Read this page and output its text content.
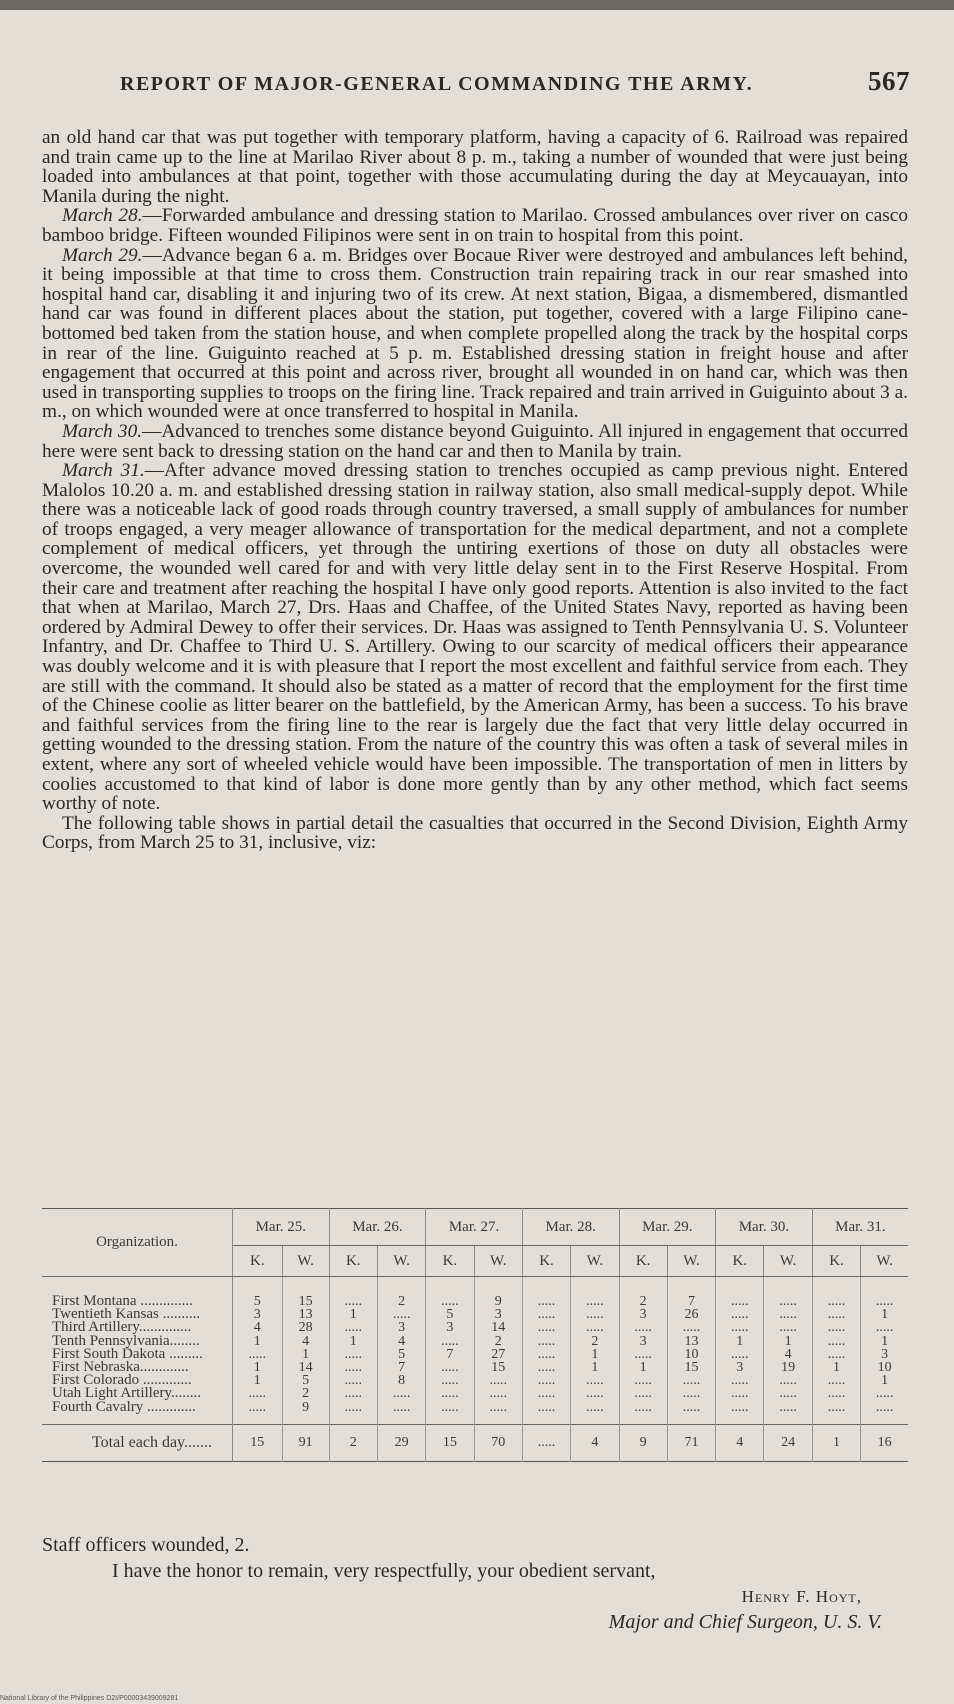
REPORT OF MAJOR-GENERAL COMMANDING THE ARMY.	567

an old hand car that was put together with temporary platform, having a capacity of 6. Railroad was repaired and train came up to the line at Marilao River about 8 p. m., taking a number of wounded that were just being loaded into ambulances at that point, together with those accumulating during the day at Meycauayan, into Manila during the night.

March 28.—Forwarded ambulance and dressing station to Marilao. Crossed ambulances over river on casco bamboo bridge. Fifteen wounded Filipinos were sent in on train to hospital from this point.

March 29.—Advance began 6 a. m. Bridges over Bocaue River were destroyed and ambulances left behind, it being impossible at that time to cross them. Construction train repairing track in our rear smashed into hospital hand car, disabling it and injuring two of its crew. At next station, Bigaa, a dismembered, dismantled hand car was found in different places about the station, put together, covered with a large Filipino cane-bottomed bed taken from the station house, and when complete propelled along the track by the hospital corps in rear of the line. Guiguinto reached at 5 p. m. Established dressing station in freight house and after engagement that occurred at this point and across river, brought all wounded in on hand car, which was then used in transporting supplies to troops on the firing line. Track repaired and train arrived in Guiguinto about 3 a. m., on which wounded were at once transferred to hospital in Manila.

March 30.—Advanced to trenches some distance beyond Guiguinto. All injured in engagement that occurred here were sent back to dressing station on the hand car and then to Manila by train.

March 31.—After advance moved dressing station to trenches occupied as camp previous night. Entered Malolos 10.20 a. m. and established dressing station in railway station, also small medical-supply depot. While there was a noticeable lack of good roads through country traversed, a small supply of ambulances for number of troops engaged, a very meager allowance of transportation for the medical department, and not a complete complement of medical officers, yet through the untiring exertions of those on duty all obstacles were overcome, the wounded well cared for and with very little delay sent in to the First Reserve Hospital. From their care and treatment after reaching the hospital I have only good reports. Attention is also invited to the fact that when at Marilao, March 27, Drs. Haas and Chaffee, of the United States Navy, reported as having been ordered by Admiral Dewey to offer their services. Dr. Haas was assigned to Tenth Pennsylvania U. S. Volunteer Infantry, and Dr. Chaffee to Third U. S. Artillery. Owing to our scarcity of medical officers their appearance was doubly welcome and it is with pleasure that I report the most excellent and faithful service from each. They are still with the command. It should also be stated as a matter of record that the employment for the first time of the Chinese coolie as litter bearer on the battlefield, by the American Army, has been a success. To his brave and faithful services from the firing line to the rear is largely due the fact that very little delay occurred in getting wounded to the dressing station. From the nature of the country this was often a task of several miles in extent, where any sort of wheeled vehicle would have been impossible. The transportation of men in litters by coolies accustomed to that kind of labor is done more gently than by any other method, which fact seems worthy of note.

The following table shows in partial detail the casualties that occurred in the Second Division, Eighth Army Corps, from March 25 to 31, inclusive, viz:

Organization.	Mar. 25.		Mar. 26.		Mar. 27.		Mar. 28.		Mar. 29.		Mar. 30.		Mar. 31.	
	K.	W.	K.	W.	K.	W.	K.	W.	K.	W.	K.	W.	K.	W.
First Montana ..............	5	15	.....	2	.....	9	.....	.....	2	7	.....	.....	.....	.....
Twentieth Kansas ..........	3	13	1	.....	5	3	.....	.....	3	26	.....	.....	.....	1
Third Artillery..............	4	28	.....	3	3	14	.....	.....	.....	.....	.....	.....	.....	.....
Tenth Pennsylvania........	1	4	1	4	.....	2	.....	2	3	13	1	1	.....	1
First South Dakota .........	.....	1	.....	5	7	27	.....	1	.....	10	.....	4	.....	3
First Nebraska.............	1	14	.....	7	.....	15	.....	1	1	15	3	19	1	10
First Colorado .............	1	5	.....	8	.....	.....	.....	.....	.....	.....	.....	.....	.....	1
Utah Light Artillery........	.....	2	.....	.....	.....	.....	.....	.....	.....	.....	.....	.....	.....	.....
Fourth Cavalry .............	.....	9	.....	.....	.....	.....	.....	.....	.....	.....	.....	.....	.....	.....
Total each day.......	15	91	2	29	15	70	.....	4	9	71	4	24	1	16
Staff officers wounded, 2.
National Library of the Philippines D2I/P00003439009281
I have the honor to remain, very respectfully, your obedient servant,
Henry F. Hoyt,
Major and Chief Surgeon, U. S. V.
